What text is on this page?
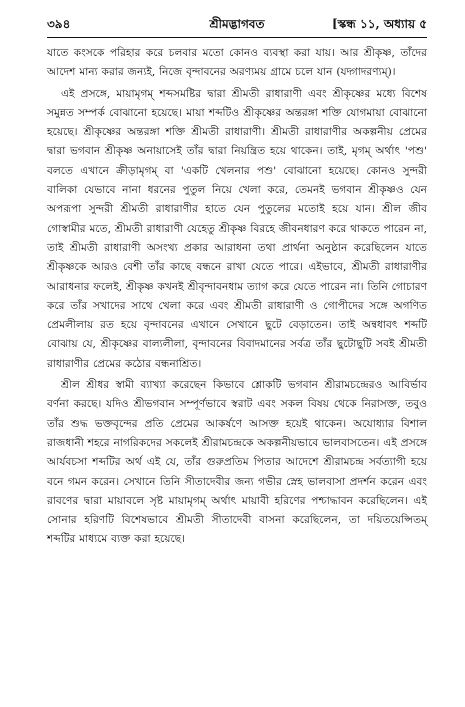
৩৯৪	শ্রীমদ্ভাগবত	[স্কন্ধ ১১, অধ্যায় ৫

যাতে কংসকে পরিহার করে চলবার মতো কোনও ব্যবস্থা করা যায়। আর শ্রীকৃষ্ণ, তাঁদের আদেশ মান্য করার জন্যই, নিজে বৃন্দাবনের অরণ্যময় গ্রামে চলে যান (যদ্গাদরণ্যম্)।

এই প্রসঙ্গে, মায়ামৃগম্ শব্দসমষ্টির দ্বারা শ্রীমতী রাধারাণী এবং শ্রীকৃষ্ণের মধ্যে বিশেষ সমুন্নত সম্পর্ক বোঝানো হয়েছে। মায়া শব্দটিও শ্রীকৃষ্ণের অন্তরঙ্গা শক্তি যোগমায়া বোঝানো হয়েছে। শ্রীকৃষ্ণের অন্তরঙ্গা শক্তি শ্রীমতী রাধারাণী। শ্রীমতী রাধারাণীর অকল্পনীয় প্রেমের দ্বারা ভগবান শ্রীকৃষ্ণ অনায়াসেই তাঁর দ্বারা নিয়ন্ত্রিত হয়ে থাকেন। তাই, মৃগম্ অর্থাৎ 'পশু' বলতে এখানে ক্রীড়ামৃগম্ বা 'একটি খেলনার পশু' বোঝানো হয়েছে। কোনও সুন্দরী বালিকা যেভাবে নানা ধরনের পুতুল নিয়ে খেলা করে, তেমনই ভগবান শ্রীকৃষ্ণও যেন অপরূপা সুন্দরী শ্রীমতী রাধারাণীর হাতে যেন পুতুলের মতোই হয়ে যান। শ্রীল জীব গোস্বামীর মতে, শ্রীমতী রাধারাণী যেহেতু শ্রীকৃষ্ণ বিরহে জীবনধারণ করে থাকতে পারেন না, তাই শ্রীমতী রাধারাণী অসংখ্য প্রকার আরাধনা তথা প্রার্থনা অনুষ্ঠান করেছিলেন যাতে শ্রীকৃষ্ণকে আরও বেশী তাঁর কাছে বন্ধনে রাখা যেতে পারে। এইভাবে, শ্রীমতী রাধারাণীর আরাধনার ফলেই, শ্রীকৃষ্ণ কখনই শ্রীবৃন্দাবনধাম ত্যাগ করে যেতে পারেন না। তিনি গোচারণ করে তাঁর সখাদের সাথে খেলা করে এবং শ্রীমতী রাধারাণী ও গোপীদের সঙ্গে অগণিত প্রেমলীলায় রত হয়ে বৃন্দাবনের এখানে সেখানে ছুটে বেড়াতেন। তাই অন্বধাবৎ শব্দটি বোঝায় যে, শ্রীকৃষ্ণের বাল্যলীলা, বৃন্দাবনের বিবাদমানের সর্বত্র তাঁর ছুটোছুটি সবই শ্রীমতী রাধারাণীর প্রেমের কঠোর বন্ধনাশ্রিত।

শ্রীল শ্রীধর স্বামী ব্যাখ্যা করেছেন কিভাবে শ্লোকটি ভগবান শ্রীরামচন্দ্রেরও আবির্ভাব বর্ণনা করছে। যদিও শ্রীভগবান সম্পূর্ণভাবে স্বরাট এবং সকল বিষয় থেকে নিরাসক্ত, তবুও তাঁর শুদ্ধ ভক্তবৃন্দের প্রতি প্রেমের আকর্ষণে আসক্ত হয়েই থাকেন। অযোধ্যার বিশাল রাজধানী শহরে নাগরিকদের সকলেই শ্রীরামচন্দ্রকে অকল্পনীয়ভাবে ভালবাসতেন। এই প্রসঙ্গে আর্যবচসা শব্দটির অর্থ এই যে, তাঁর গুরুপ্রতিম পিতার আদেশে শ্রীরামচন্দ্র সর্বত্যাগী হয়ে বনে গমন করেন। সেখানে তিনি সীতাদেবীর জন্য গভীর স্নেহ ভালবাসা প্রদর্শন করেন এবং রাবণের দ্বারা মায়াবলে সৃষ্ট মায়ামৃগম্ অর্থাৎ মায়াবী হরিণের পশ্চাদ্ধাবন করেছিলেন। এই সোনার হরিণটি বিশেষভাবে শ্রীমতী সীতাদেবী বাসনা করেছিলেন, তা দয়িতয়েপ্সিতম্ শব্দটির মাধ্যমে ব্যক্ত করা হয়েছে।
